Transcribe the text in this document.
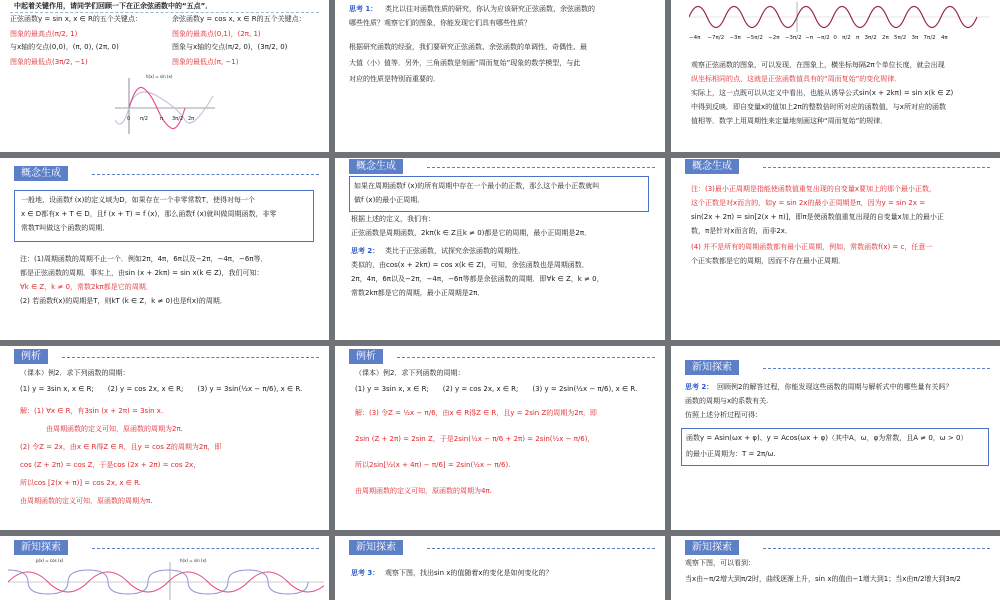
中起着关键作用，请同学们回顾一下在正余弦函数中的“五点”．
正弦函数y = sin x, x ∈ R的五个关键点：
图象的最高点(π/2, 1)
与x轴的交点(0,0)，(π, 0), (2π, 0)
图象的最低点(3π/2, −1)
余弦函数y = cos x, x ∈ R的五个关键点：
图象的最高点(0,1)，(2π, 1)
图象与x轴的交点(π/2, 0)，(3π/2, 0)
图象的最低点(π, −1)
h(x) = sin (x)
0 π/2 π 3π/2 2π
思考 1： 类比以往对函数性质的研究，你认为应该研究正弦函数、余弦函数的
哪些性质？观察它们的图象，你能发现它们具有哪些性质？
根据研究函数的经验，我们要研究正弦函数、余弦函数的单调性、奇偶性、最
大值（小）值等．另外，三角函数是刻画“周而复始”现象的数学模型，与此
对应的性质是特别而重要的．
−4π −7π/2 −3π −5π/2 −2π −3π/2 −π −π/2 0 π/2 π 3π/2 2π 5π/2 3π 7π/2 4π
观察正弦函数的图象，可以发现，在图象上，横坐标每隔2π个单位长度，就会出现
纵坐标相同的点，这就是正弦函数值具有的“周而复始”的变化规律．
实际上，这一点既可以从定义中看出，也能从诱导公式sin(x + 2kπ) = sin x(k ∈ Z)
中得到反映．即自变量x的值加上2π的整数倍时所对应的函数值，与x所对应的函数
值相等．数学上用周期性来定量地刻画这种“周而复始”的规律．
概念生成
一般地，设函数f (x)的定义域为D，如果存在一个非零常数T，使得对每一个
x ∈ D都有x + T ∈ D，且f (x + T) = f (x)，那么函数f (x)就叫做周期函数，非零
常数T叫做这个函数的周期．
注：(1)周期函数的周期不止一个．例如2π，4π，6π以及−2π，−4π，−6π等．
都是正弦函数的周期．事实上，由sin (x + 2kπ) = sin x(k ∈ Z)，我们可知：
∀k ∈ Z，k ≠ 0，常数2kπ都是它的周期．
(2) 若函数f(x)的周期是T，则kT (k ∈ Z，k ≠ 0)也是f(x)的周期．
概念生成
如果在周期函数f (x)的所有周期中存在一个最小的正数，那么这个最小正数就叫
做f (x)的最小正周期．
根据上述的定义，我们有：
正弦函数是周期函数，2kπ(k ∈ Z且k ≠ 0)都是它的周期，最小正周期是2π．
思考 2： 类比于正弦函数，试探究余弦函数的周期性．
类似的，由cos(x + 2kπ) = cos x(k ∈ Z)，可知，余弦函数也是周期函数．
2π，4π，6π以及−2π，−4π，−6π等都是余弦函数的周期．即∀k ∈ Z，k ≠ 0，
常数2kπ都是它的周期，最小正周期是2π．
概念生成
注：(3)最小正周期是指能使函数值重复出现的自变量x要加上的那个最小正数，
这个正数是对x而言的，如y = sin 2x的最小正周期是π，因为y = sin 2x =
sin(2x + 2π) = sin[2(x + π)]，即π是使函数值重复出现的自变量x加上的最小正
数，π是针对x而言的，而非2x．
(4) 并不是所有的周期函数都有最小正周期，例如，常数函数f(x) = c，任意一
个正实数都是它的周期，因而不存在最小正周期．
例析
（课本）例2．求下列函数的周期：
(1) y = 3sin x, x ∈ R;　　(2) y = cos 2x, x ∈ R;　　(3) y = 3sin(½x − π/6), x ∈ R.
解：(1) ∀x ∈ R，有3sin (x + 2π) = 3sin x.
由周期函数的定义可知，原函数的周期为2π.
(2) 令Z = 2x，由x ∈ R得Z ∈ R，且y = cos Z的周期为2π，即
cos (Z + 2π) = cos Z，于是cos (2x + 2π) = cos 2x，
所以cos [2(x + π)] = cos 2x, x ∈ R.
由周期函数的定义可知，原函数的周期为π.
例析
（课本）例2．求下列函数的周期：
(1) y = 3sin x, x ∈ R;　　(2) y = cos 2x, x ∈ R;　　(3) y = 2sin(½x − π/6), x ∈ R.
解：(3) 令Z = ½x − π/6，由x ∈ R得Z ∈ R，且y = 2sin Z的周期为2π，即
2sin (Z + 2π) = 2sin Z，于是2sin(½x − π/6 + 2π) = 2sin(½x − π/6)，
所以2sin[½(x + 4π) − π/6] = 2sin(½x − π/6).
由周期函数的定义可知，原函数的周期为4π.
新知探索
思考 2： 回顾例2的解答过程，你能发现这些函数的周期与解析式中的哪些量有关吗？
函数的周期与x的系数有关.
仿照上述分析过程可得：
函数y = Asin(ωx + φ)、y = Acos(ωx + φ)（其中A，ω，φ为常数，且A ≠ 0，ω > 0）
的最小正周期为：T = 2π/ω.
新知探索
p(x) = cos (x)	h(x) = sin (x)
新知探索
思考 3： 观察下图，找出sin x的值随着x的变化是如何变化的？
新知探索
观察下图，可以看到：
当x由−π/2增大到π/2时，曲线逐渐上升，sin x的值由−1增大到1；当x由π/2增大到3π/2
